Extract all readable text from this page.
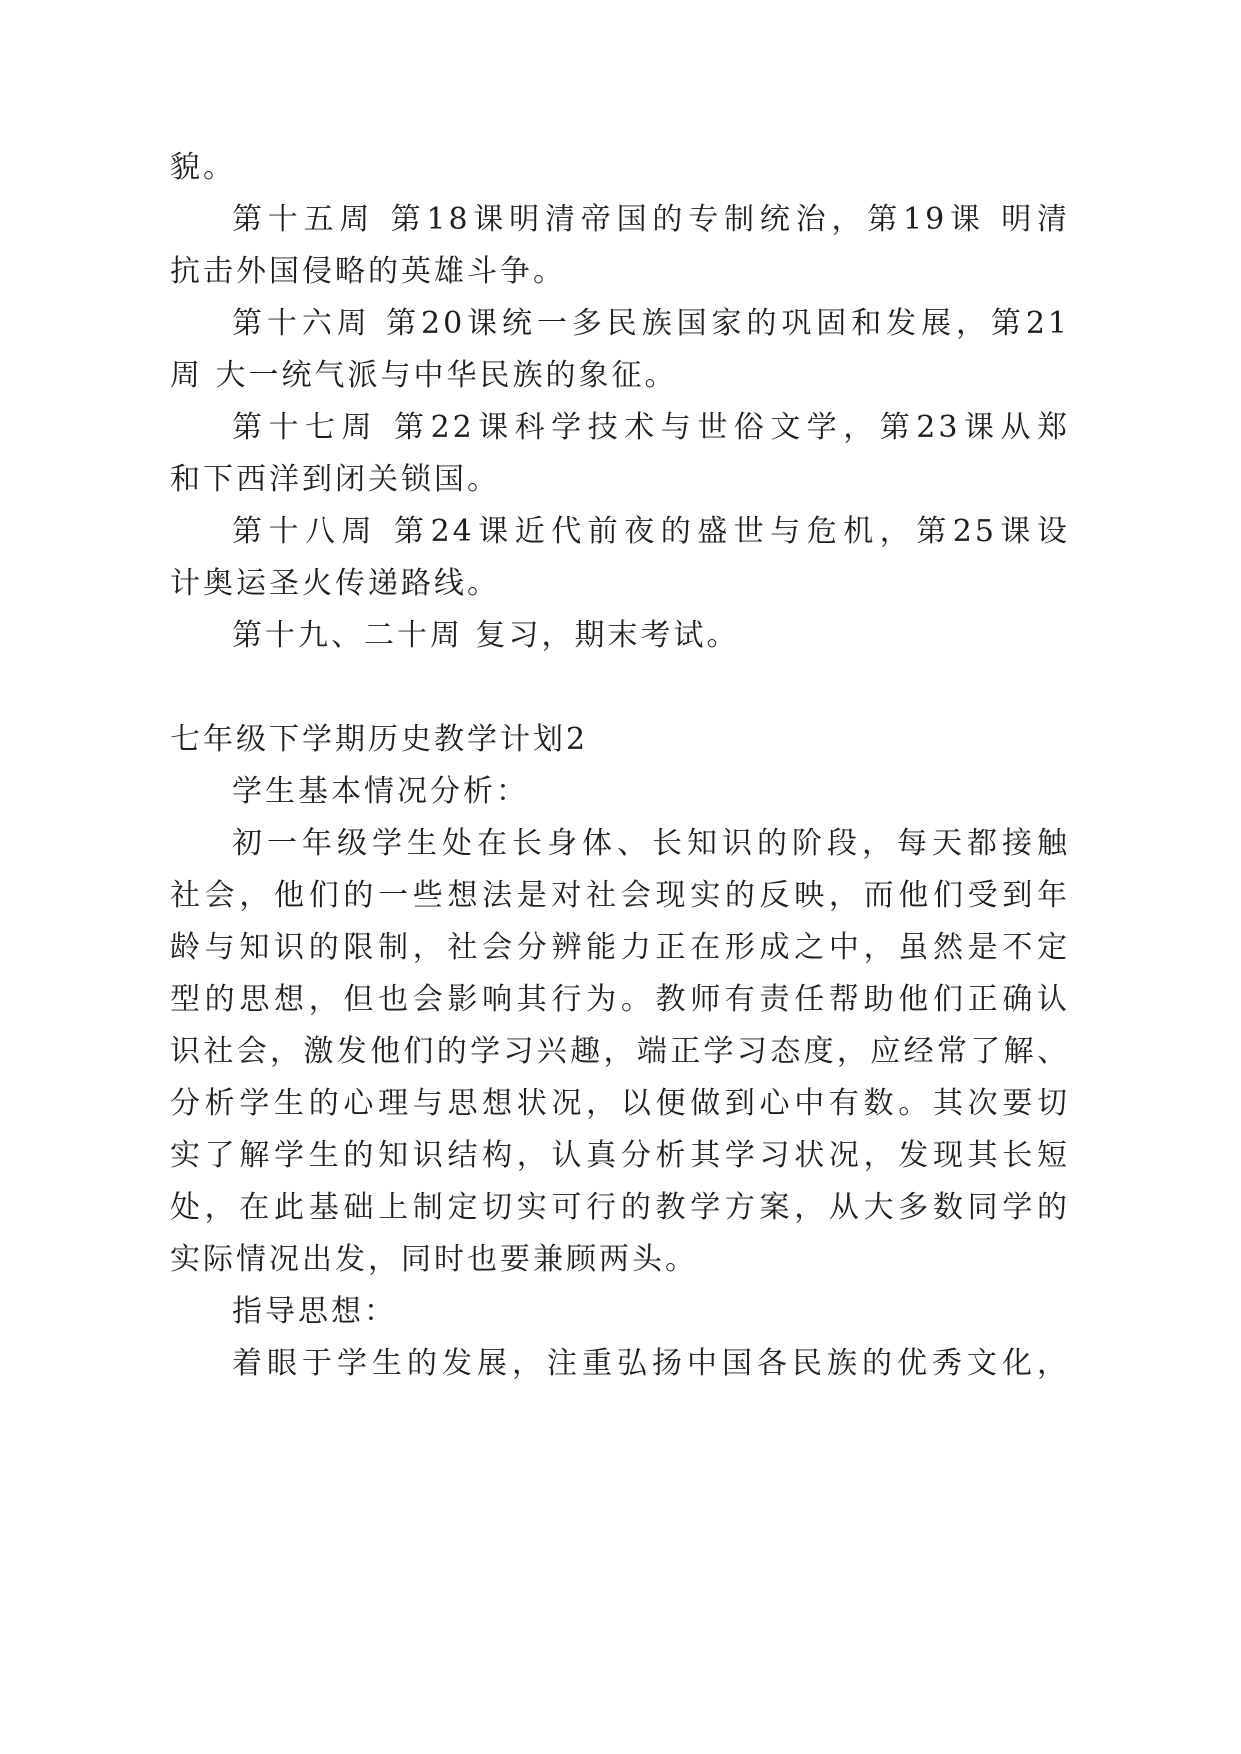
貌。

第十五周 第18课明清帝国的专制统治，第19课 明清
抗击外国侵略的英雄斗争。

第十六周 第20课统一多民族国家的巩固和发展，第21
周 大一统气派与中华民族的象征。

第十七周 第22课科学技术与世俗文学，第23课从郑
和下西洋到闭关锁国。

第十八周 第24课近代前夜的盛世与危机，第25课设
计奥运圣火传递路线。

第十九、二十周 复习，期末考试。

七年级下学期历史教学计划2

学生基本情况分析：

初一年级学生处在长身体、长知识的阶段，每天都接触
社会，他们的一些想法是对社会现实的反映，而他们受到年
龄与知识的限制，社会分辨能力正在形成之中，虽然是不定
型的思想，但也会影响其行为。教师有责任帮助他们正确认
识社会，激发他们的学习兴趣，端正学习态度，应经常了解、
分析学生的心理与思想状况，以便做到心中有数。其次要切
实了解学生的知识结构，认真分析其学习状况，发现其长短
处，在此基础上制定切实可行的教学方案，从大多数同学的
实际情况出发，同时也要兼顾两头。

指导思想：

着眼于学生的发展，注重弘扬中国各民族的优秀文化，
